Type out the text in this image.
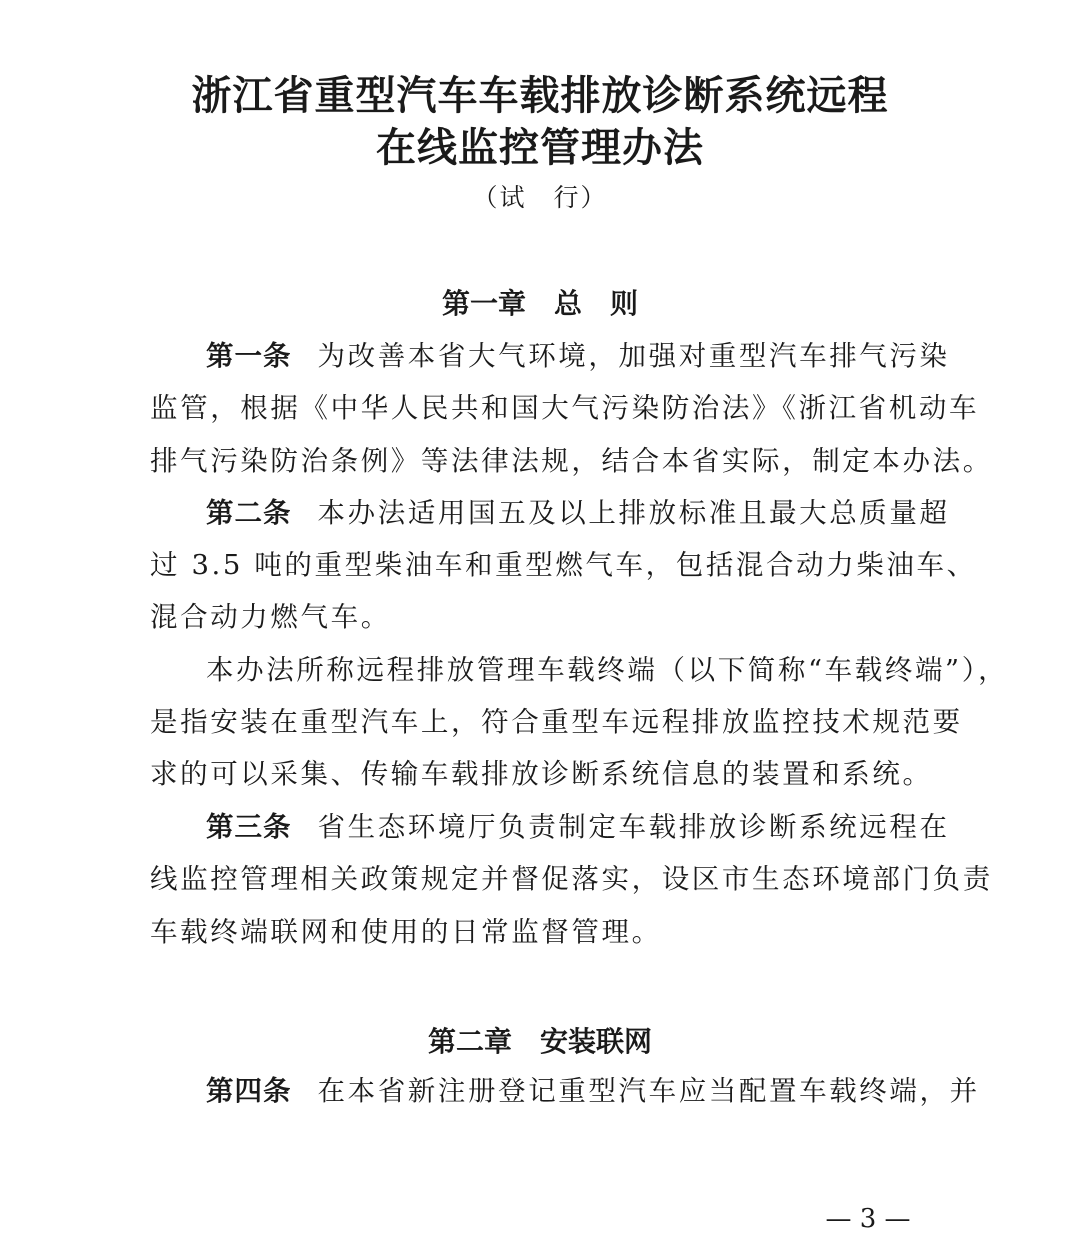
浙江省重型汽车车载排放诊断系统远程
在线监控管理办法
（试　行）
第一章　总　则
第一条 为改善本省大气环境，加强对重型汽车排气污染
监管，根据《中华人民共和国大气污染防治法》《浙江省机动车
排气污染防治条例》等法律法规，结合本省实际，制定本办法。
第二条 本办法适用国五及以上排放标准且最大总质量超
过 3.5 吨的重型柴油车和重型燃气车，包括混合动力柴油车、
混合动力燃气车。
本办法所称远程排放管理车载终端（以下简称“车载终端”），
是指安装在重型汽车上，符合重型车远程排放监控技术规范要
求的可以采集、传输车载排放诊断系统信息的装置和系统。
第三条 省生态环境厅负责制定车载排放诊断系统远程在
线监控管理相关政策规定并督促落实，设区市生态环境部门负责
车载终端联网和使用的日常监督管理。
第二章　安装联网
第四条 在本省新注册登记重型汽车应当配置车载终端，并
— 3 —
